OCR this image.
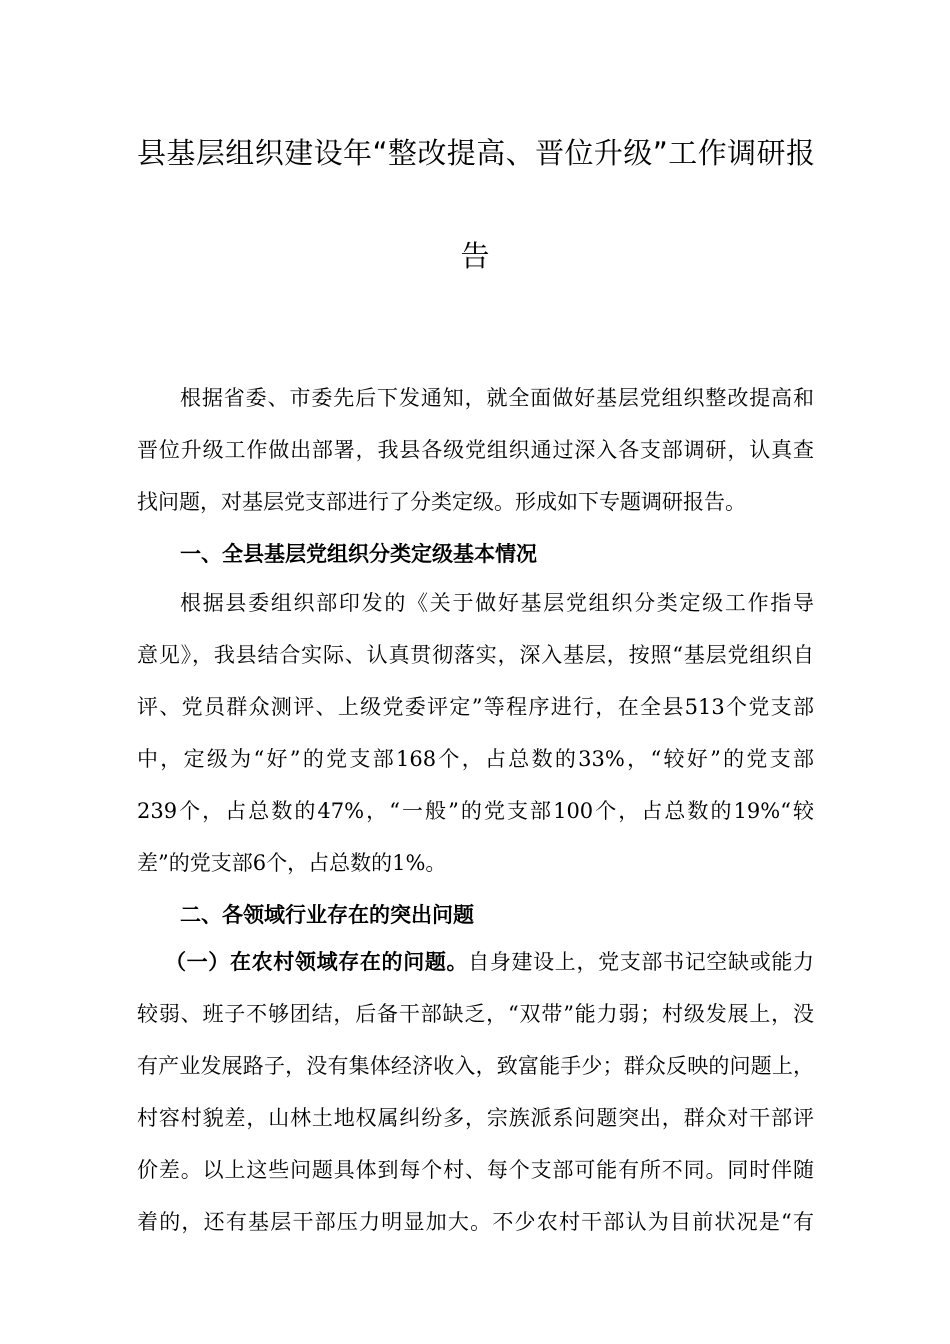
县基层组织建设年“整改提高、晋位升级”工作调研报
告
根据省委、市委先后下发通知，就全面做好基层党组织整改提高和
晋位升级工作做出部署，我县各级党组织通过深入各支部调研，认真查
找问题，对基层党支部进行了分类定级。形成如下专题调研报告。
一、全县基层党组织分类定级基本情况
根据县委组织部印发的《关于做好基层党组织分类定级工作指导
意见》，我县结合实际、认真贯彻落实，深入基层，按照“基层党组织自
评、党员群众测评、上级党委评定”等程序进行，在全县513个党支部
中，定级为“好”的党支部168个，占总数的33%，“较好”的党支部
239个，占总数的47%，“一般”的党支部100个，占总数的19%“较
差”的党支部6个，占总数的1%。
二、各领域行业存在的突出问题
（一）在农村领域存在的问题。自身建设上，党支部书记空缺或能力
较弱、班子不够团结，后备干部缺乏，“双带”能力弱；村级发展上，没
有产业发展路子，没有集体经济收入，致富能手少；群众反映的问题上，
村容村貌差，山林土地权属纠纷多，宗族派系问题突出，群众对干部评
价差。以上这些问题具体到每个村、每个支部可能有所不同。同时伴随
着的，还有基层干部压力明显加大。不少农村干部认为目前状况是“有
